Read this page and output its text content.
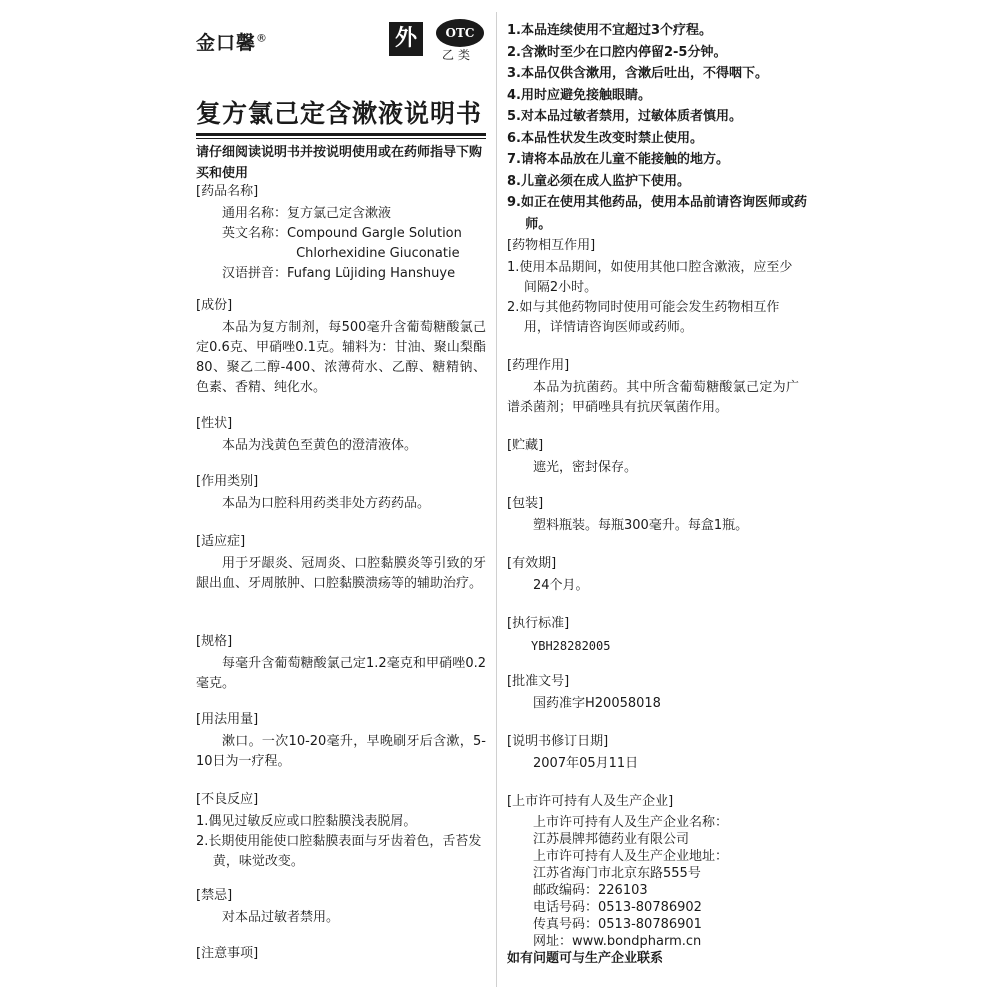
金口馨®	外	OTC
乙类
复方氯己定含漱液说明书
请仔细阅读说明书并按说明使用或在药师指导下购买和使用
[药品名称]
通用名称：复方氯己定含漱液
英文名称：Compound Gargle Solution
Chlorhexidine Giuconatie
汉语拼音：Fufang Lüjiding Hanshuye
[成份]
本品为复方制剂，每500毫升含葡萄糖酸氯己定0.6克、甲硝唑0.1克。辅料为：甘油、聚山梨酯80、聚乙二醇-400、浓薄荷水、乙醇、糖精钠、色素、香精、纯化水。
[性状]
本品为浅黄色至黄色的澄清液体。
[作用类别]
本品为口腔科用药类非处方药药品。
[适应症]
用于牙龈炎、冠周炎、口腔黏膜炎等引致的牙龈出血、牙周脓肿、口腔黏膜溃疡等的辅助治疗。
[规格]
每毫升含葡萄糖酸氯己定1.2毫克和甲硝唑0.2毫克。
[用法用量]
漱口。一次10-20毫升，早晚刷牙后含漱，5-10日为一疗程。
[不良反应]
1.偶见过敏反应或口腔黏膜浅表脱屑。
2.长期使用能使口腔黏膜表面与牙齿着色，舌苔发黄，味觉改变。
[禁忌]
对本品过敏者禁用。
[注意事项]
1.本品连续使用不宜超过3个疗程。
2.含漱时至少在口腔内停留2-5分钟。
3.本品仅供含漱用，含漱后吐出，不得咽下。
4.用时应避免接触眼睛。
5.对本品过敏者禁用，过敏体质者慎用。
6.本品性状发生改变时禁止使用。
7.请将本品放在儿童不能接触的地方。
8.儿童必须在成人监护下使用。
9.如正在使用其他药品，使用本品前请咨询医师或药师。
[药物相互作用]
1.使用本品期间，如使用其他口腔含漱液，应至少间隔2小时。
2.如与其他药物同时使用可能会发生药物相互作用，详情请咨询医师或药师。
[药理作用]
本品为抗菌药。其中所含葡萄糖酸氯己定为广谱杀菌剂；甲硝唑具有抗厌氧菌作用。
[贮藏]
遮光，密封保存。
[包装]
塑料瓶装。每瓶300毫升。每盒1瓶。
[有效期]
24个月。
[执行标准]
YBH28282005
[批准文号]
国药准字H20058018
[说明书修订日期]
2007年05月11日
[上市许可持有人及生产企业]
上市许可持有人及生产企业名称：
江苏晨牌邦德药业有限公司
上市许可持有人及生产企业地址：
江苏省海门市北京东路555号
邮政编码：226103
电话号码：0513-80786902
传真号码：0513-80786901
网址：www.bondpharm.cn
如有问题可与生产企业联系
